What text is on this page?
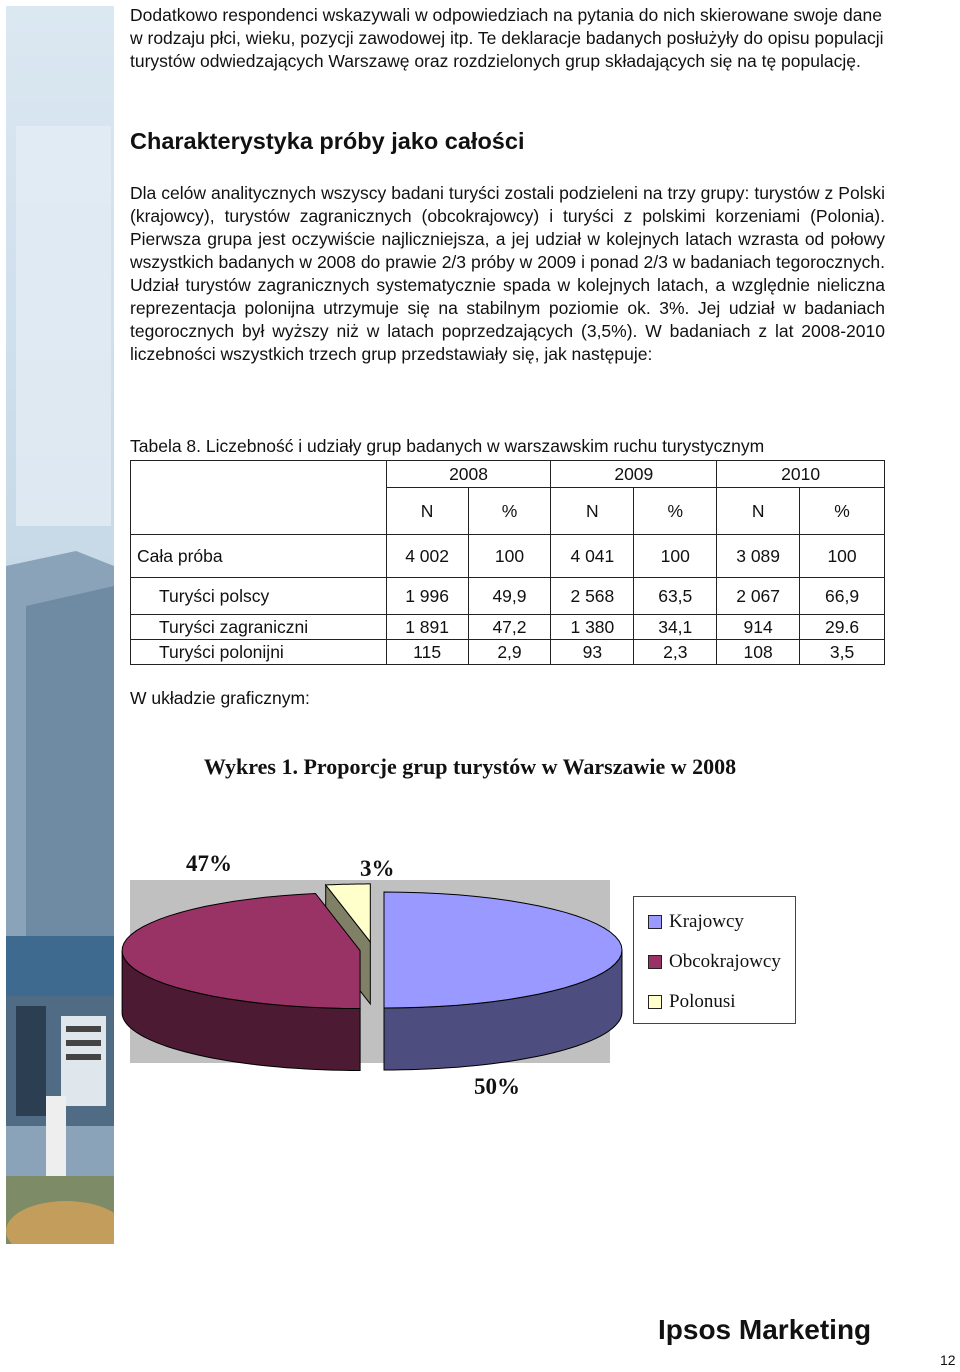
Dodatkowo respondenci wskazywali w odpowiedziach na pytania do nich skierowane swoje dane w rodzaju płci, wieku, pozycji zawodowej itp. Te deklaracje badanych posłużyły do opisu populacji turystów odwiedzających Warszawę oraz rozdzielonych grup składających się na tę populację.
Charakterystyka próby jako całości
Dla celów analitycznych wszyscy badani turyści zostali podzieleni na trzy grupy: turystów z Polski (krajowcy), turystów zagranicznych (obcokrajowcy) i turyści z polskimi korzeniami (Polonia). Pierwsza grupa jest oczywiście najliczniejsza, a jej udział w kolejnych latach wzrasta od połowy wszystkich badanych w 2008 do prawie 2/3 próby w 2009 i ponad 2/3 w badaniach tegorocznych. Udział turystów zagranicznych systematycznie spada w kolejnych latach, a względnie nieliczna reprezentacja polonijna utrzymuje się na stabilnym poziomie ok. 3%. Jej udział w badaniach tegorocznych był wyższy niż w latach poprzedzających (3,5%). W badaniach z lat 2008-2010 liczebności wszystkich trzech grup przedstawiały się, jak następuje:
Tabela 8. Liczebność i udziały grup badanych w warszawskim ruchu turystycznym
	2008		2009		2010	
	N	%	N	%	N	%
Cała próba	4 002	100	4 041	100	3 089	100
Turyści polscy	1 996	49,9	2 568	63,5	2 067	66,9
Turyści zagraniczni	1 891	47,2	1 380	34,1	914	29.6
Turyści polonijni	115	2,9	93	2,3	108	3,5
W układzie graficznym:
Wykres 1. Proporcje grup turystów w Warszawie w 2008
47%	3%
50%
Krajowcy
Obcokrajowcy
Polonusi
Ipsos Marketing
12
